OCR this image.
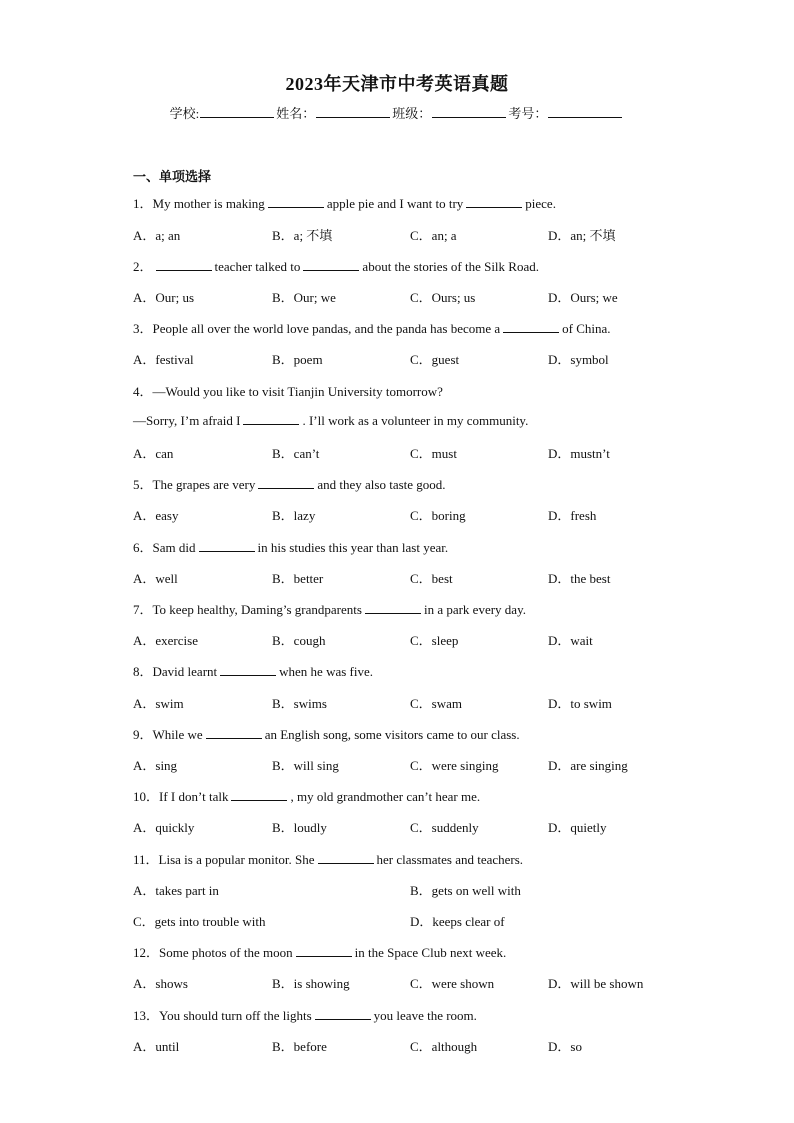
2023年天津市中考英语真题
学校:	姓名：	班级：	考号：
一、单项选择
1．My mother is making	apple pie and I want to try	piece.
A．a; an	B．a; 不填	C．an; a	D．an; 不填
2．	teacher talked to	about the stories of the Silk Road.
A．Our; us	B．Our; we	C．Ours; us	D．Ours; we
3．People all over the world love pandas, and the panda has become a	of China.
A．festival	B．poem	C．guest	D．symbol
4．—Would you like to visit Tianjin University tomorrow?
—Sorry, I’m afraid I	. I’ll work as a volunteer in my community.
A．can	B．can’t	C．must	D．mustn’t
5．The grapes are very	and they also taste good.
A．easy	B．lazy	C．boring	D．fresh
6．Sam did	in his studies this year than last year.
A．well	B．better	C．best	D．the best
7．To keep healthy, Daming’s grandparents	in a park every day.
A．exercise	B．cough	C．sleep	D．wait
8．David learnt	when he was five.
A．swim	B．swims	C．swam	D．to swim
9．While we	an English song, some visitors came to our class.
A．sing	B．will sing	C．were singing	D．are singing
10．If I don’t talk	, my old grandmother can’t hear me.
A．quickly	B．loudly	C．suddenly	D．quietly
11．Lisa is a popular monitor. She	her classmates and teachers.
A．takes part in	B．gets on well with
C．gets into trouble with	D．keeps clear of
12．Some photos of the moon	in the Space Club next week.
A．shows	B．is showing	C．were shown	D．will be shown
13．You should turn off the lights	you leave the room.
A．until	B．before	C．although	D．so
